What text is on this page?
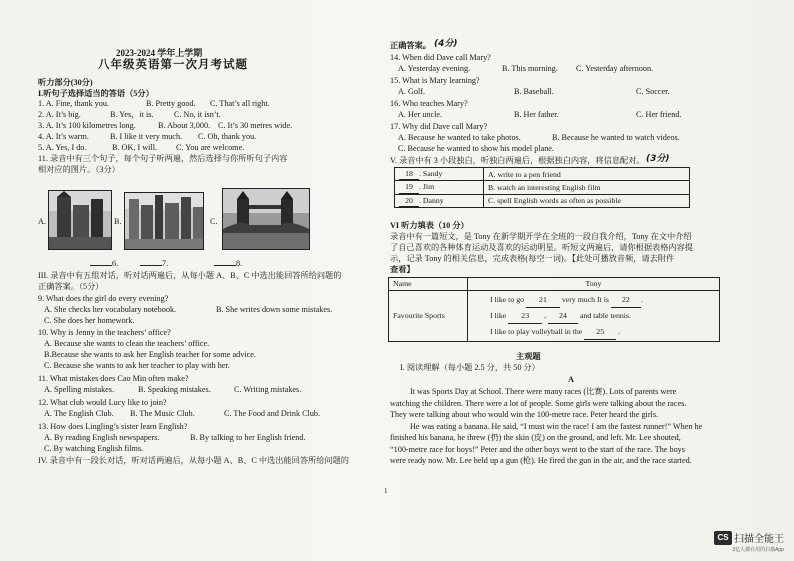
2023-2024 学年上学期
八年级英语第一次月考试题
听力部分(30分)
I.听句子选择适当的答语（5分）
1. A. Fine, thank you.	B. Pretty good. C. That’s all right.
2. A. It’s big.	B. Yes，it is.	C. No, it isn’t.
3. A. It’s 100 kilometres long.	B. About 3,000. C. It’s 30 metres wide.
4. A. It’s warm.	B. I like it very much. C. Oh, thank you.
5. A. Yes, I do.	B. OK, I will. C. You are welcome.
11. 录音中有三个句子，每个句子听两遍，然后选择与你所听句子内容
相对应的图片。（3分）
A.	B.	C.
6.	7.	8.
III. 录音中有五组对话，听对话两遍后，从每小题 A、B、C 中选出能回答所给问题的
正确答案。（5分）
9. What does the girl do every evening?
A. She checks her vocabulary notebook.	B. She writes down some mistakes.
C. She does her homework.
10. Why is Jenny in the teachers’ office?
A. Because she wants to clean the teachers’ office.
B.Because she wants to ask her English teacher for some advice.
C. Because she wants to ask her teacher to play with her.
11. What mistakes does Cao Min often make?
A. Spelling mistakes.	B. Speaking mistakes.	C. Writing mistakes.
12. What club would Lucy like to join?
A. The English Club. B. The Music Club.	C. The Food and Drink Club.
13. How does Lingling’s sister learn English?
A. By reading English newspapers.	B. By talking to her English friend.
C. By watching English films.
IV. 录音中有一段长对话，听对话两遍后，从每小题 A、B、C 中选出能回答所给问题的
正确答案。 (4分)
14. When did Dave call Mary?
A. Yesterday evening.	B. This morning. C. Yesterday afternoon.
15. What is Mary learning?
A. Golf.	B. Baseball.	C. Soccer.
16. Who teaches Mary?
A. Her uncle.	B. Her father.	C. Her friend.
17. Why did Dave call Mary?
A. Because he wanted to take photos.	B. Because he wanted to watch videos.
C. Because he wanted to show his model plane.
V. 录音中有 3 小段独白，听独白两遍后，根据独白内容，将信息配对。 (3分)
18 . Sandy	A. write to a pen friend
19 . Jim	B. watch an interesting English film
20 . Danny	C. spell English words as often as possible
VI 听力填表（10 分）
录音中有一篇短文，是 Tony 在新学期开学在全班的一段自我介绍，Tony 在文中介绍
了自己喜欢的各种体育运动及喜欢的运动明星。听短文两遍后，请你根据表格内容提
示，记录 Tony 的相关信息，完成表格(每空一词)。【此处可播放音频，请去附件
查看】
Name	Tony
Favourite Sports	I like to go 21 very much It is 22 .
I like 23 , 24 and table tennis.
I like to play volleyball in the 25 .
主观题
I. 阅读理解（每小题 2.5 分，共 50 分）
A
It was Sports Day at School. There were many races (比赛). Lots of parents were
watching the children. There were a lot of people. Some girls were talking about the races.
They were talking about who would win the 100-metre race. Peter heard the girls.
He was eating a banana. He said, “I must win the race! I am the fastest runner!” When he
finished his banana, he threw (扔) the skin (皮) on the ground, and left. Mr. Lee shouted,
“100-metre race for boys!” Peter and the other boys went to the start of the race. The boys
were ready now. Mr. Lee held up a gun (枪). He fired the gun in the air, and the race started.
1
CS 扫描全能王
3亿人都在用的扫描App
